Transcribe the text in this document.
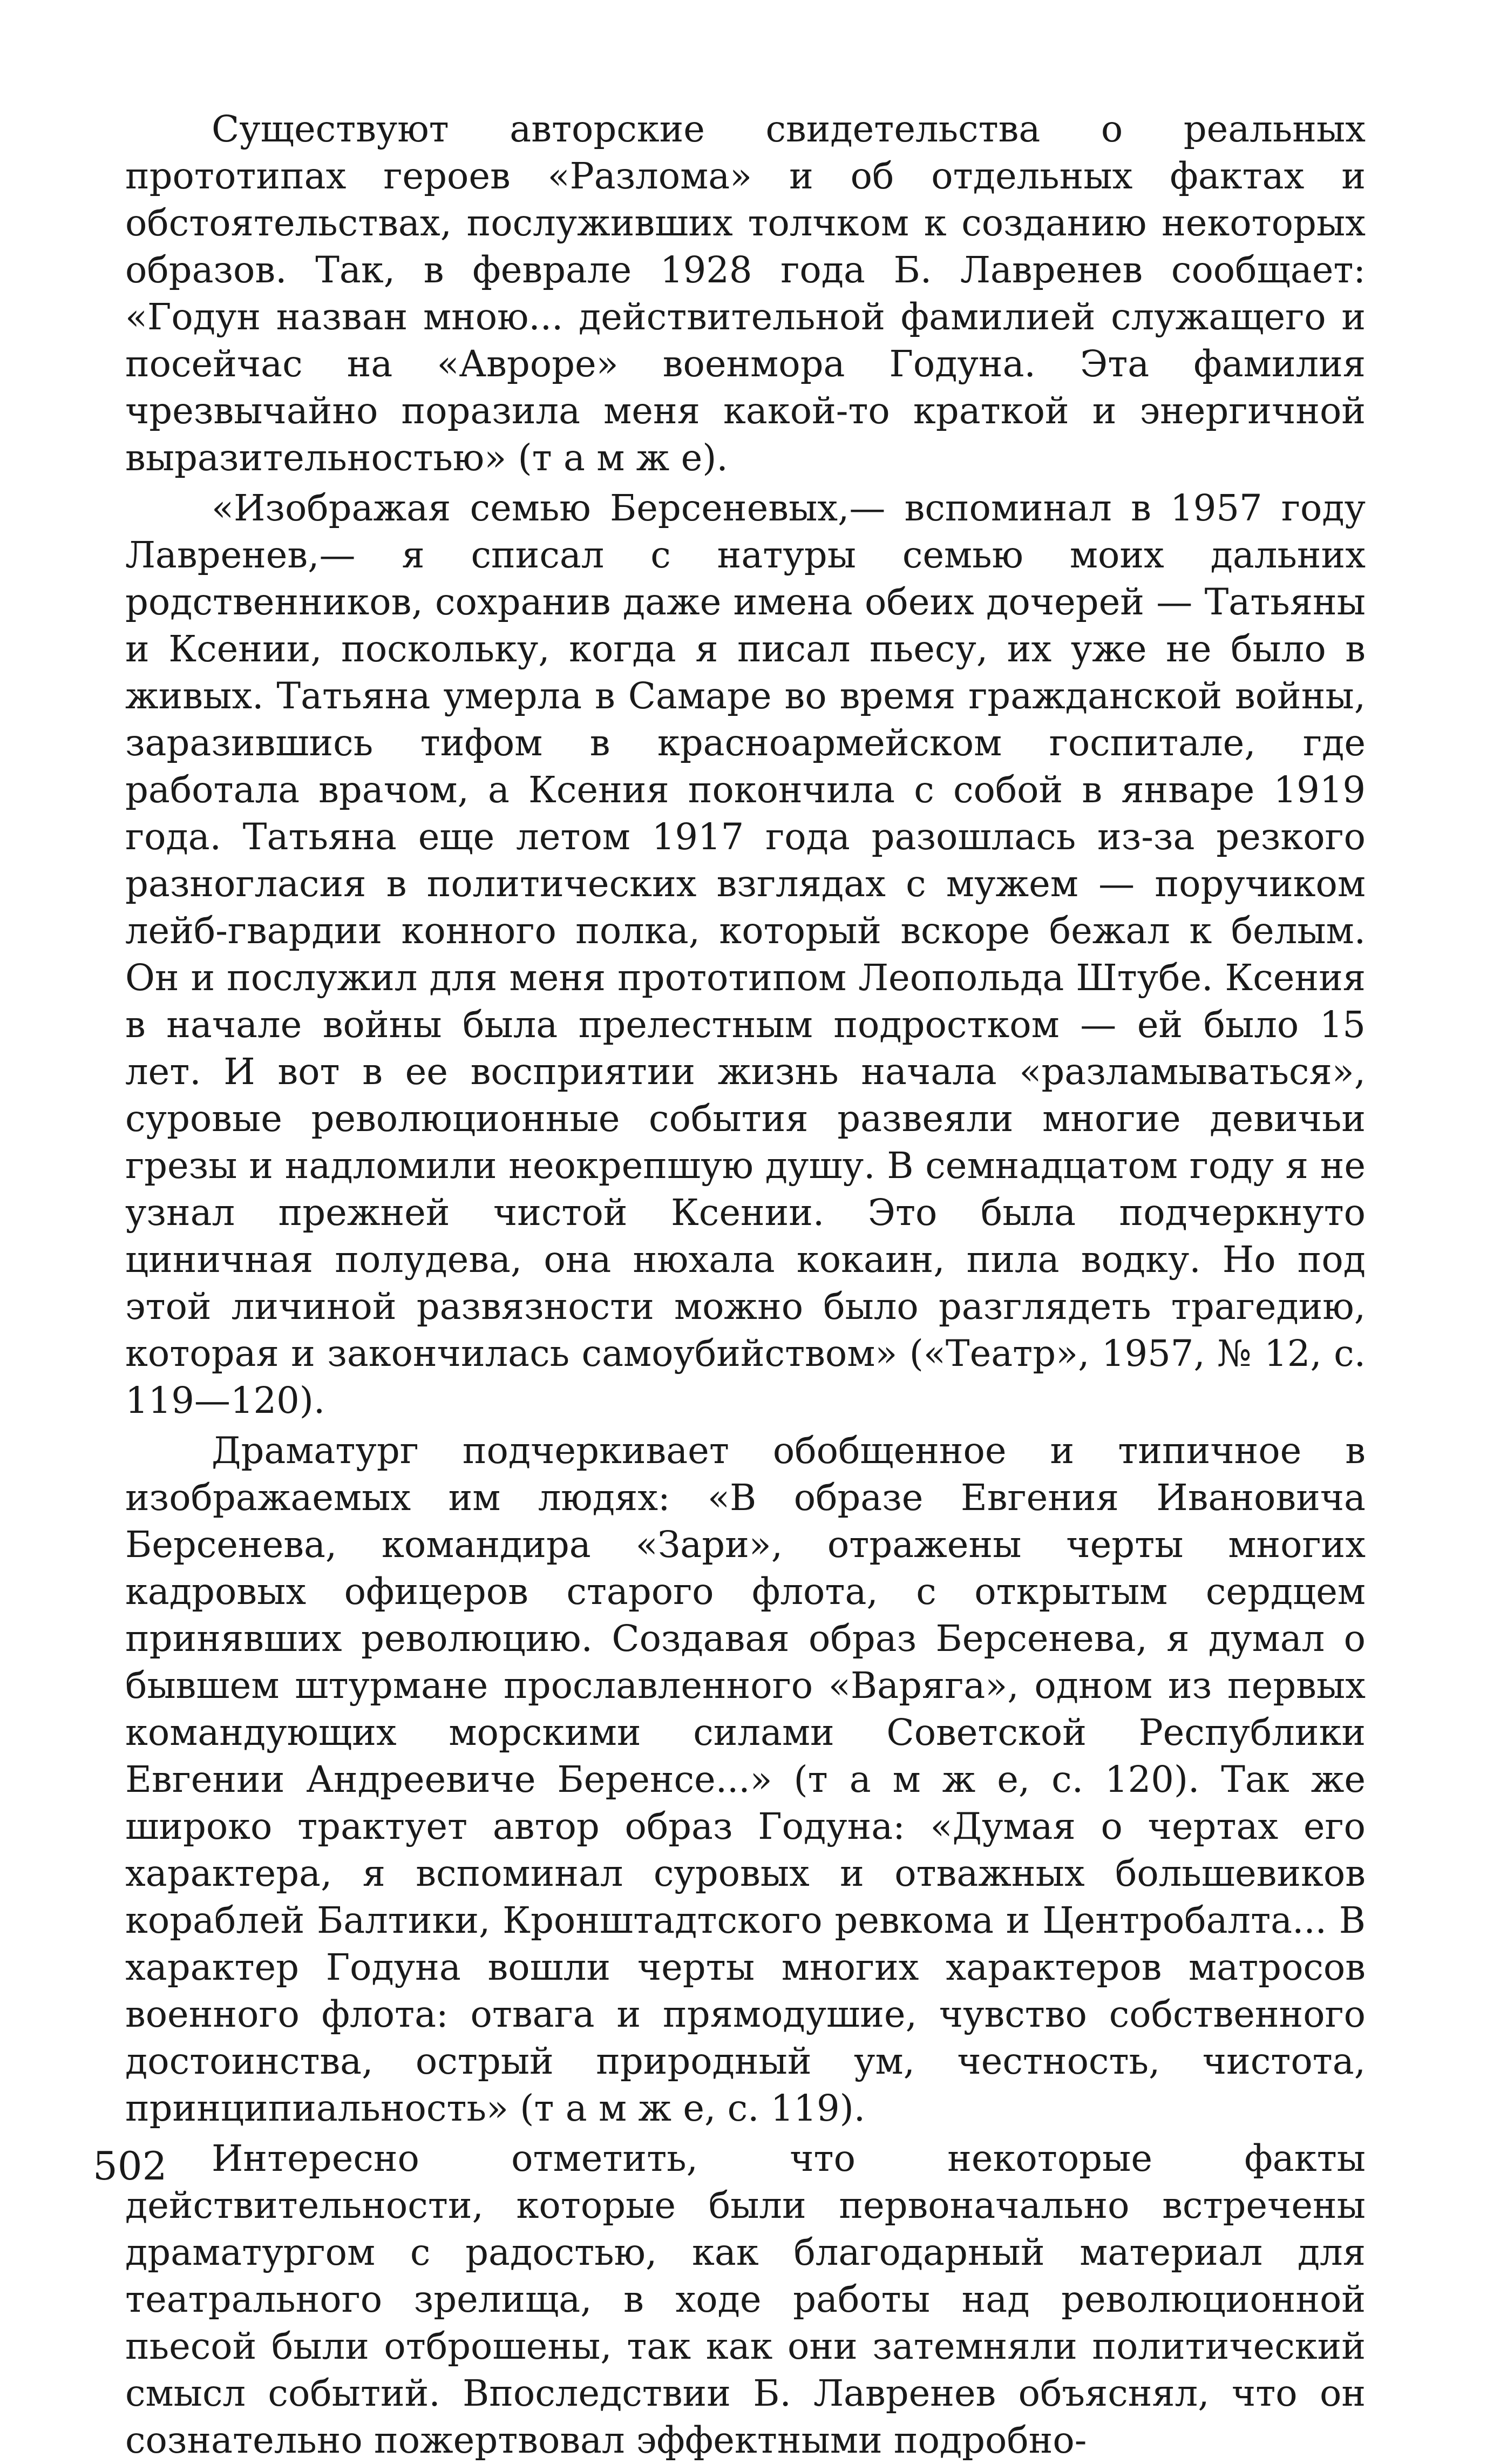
Существуют авторские свидетельства о реальных прототипах героев «Разлома» и об отдельных фактах и обстоятельствах, послуживших толчком к созданию некоторых образов. Так, в феврале 1928 года Б. Лавренев сообщает: «Годун назван мною... действительной фамилией служащего и посейчас на «Авроре» военмора Годуна. Эта фамилия чрезвычайно поразила меня какой-то краткой и энергичной выразительностью» (т а м ж е).

«Изображая семью Берсеневых,— вспоминал в 1957 году Лавренев,— я списал с натуры семью моих дальних родственников, сохранив даже имена обеих дочерей — Татьяны и Ксении, поскольку, когда я писал пьесу, их уже не было в живых. Татьяна умерла в Самаре во время гражданской войны, заразившись тифом в красноармейском госпитале, где работала врачом, а Ксения покончила с собой в январе 1919 года. Татьяна еще летом 1917 года разошлась из-за резкого разногласия в политических взглядах с мужем — поручиком лейб-гвардии конного полка, который вскоре бежал к белым. Он и послужил для меня прототипом Леопольда Штубе. Ксения в начале войны была прелестным подростком — ей было 15 лет. И вот в ее восприятии жизнь начала «разламываться», суровые революционные события развеяли многие девичьи грезы и надломили неокрепшую душу. В семнадцатом году я не узнал прежней чистой Ксении. Это была подчеркнуто циничная полудева, она нюхала кокаин, пила водку. Но под этой личиной развязности можно было разглядеть трагедию, которая и закончилась самоубийством» («Театр», 1957, № 12, с. 119—120).

Драматург подчеркивает обобщенное и типичное в изображаемых им людях: «В образе Евгения Ивановича Берсенева, командира «Зари», отражены черты многих кадровых офицеров старого флота, с открытым сердцем принявших революцию. Создавая образ Берсенева, я думал о бывшем штурмане прославленного «Варяга», одном из первых командующих морскими силами Советской Республики Евгении Андреевиче Беренсе...» (т а м ж е, с. 120). Так же широко трактует автор образ Годуна: «Думая о чертах его характера, я вспоминал суровых и отважных большевиков кораблей Балтики, Кронштадтского ревкома и Центробалта... В характер Годуна вошли черты многих характеров матросов военного флота: отвага и прямодушие, чувство собственного достоинства, острый природный ум, честность, чистота, принципиальность» (т а м ж е, с. 119).

Интересно отметить, что некоторые факты действительности, которые были первоначально встречены драматургом с радостью, как благодарный материал для театрального зрелища, в ходе работы над революционной пьесой были отброшены, так как они затемняли политический смысл событий. Впоследствии Б. Лавренев объяснял, что он сознательно пожертвовал эффектными подробно-

502
